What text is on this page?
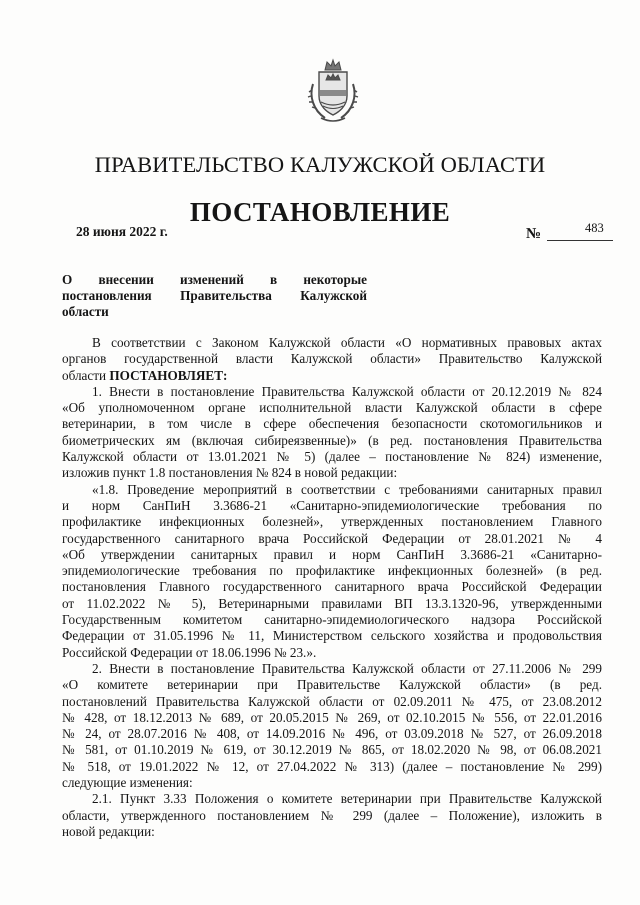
ПРАВИТЕЛЬСТВО КАЛУЖСКОЙ ОБЛАСТИ
ПОСТАНОВЛЕНИЕ
28 июня 2022 г.	№	483
О внесении изменений в некоторые
постановления Правительства Калужской
области
В соответствии с Законом Калужской области «О нормативных правовых актах
органов государственной власти Калужской области» Правительство Калужской
области ПОСТАНОВЛЯЕТ:
1. Внести в постановление Правительства Калужской области от 20.12.2019 № 824
«Об уполномоченном органе исполнительной власти Калужской области в сфере
ветеринарии, в том числе в сфере обеспечения безопасности скотомогильников и
биометрических ям (включая сибиреязвенные)» (в ред. постановления Правительства
Калужской области от 13.01.2021 № 5) (далее – постановление № 824) изменение,
изложив пункт 1.8 постановления № 824 в новой редакции:
«1.8. Проведение мероприятий в соответствии с требованиями санитарных правил
и норм СанПиН 3.3686-21 «Санитарно-эпидемиологические требования по
профилактике инфекционных болезней», утвержденных постановлением Главного
государственного санитарного врача Российской Федерации от 28.01.2021 № 4
«Об утверждении санитарных правил и норм СанПиН 3.3686-21 «Санитарно-
эпидемиологические требования по профилактике инфекционных болезней» (в ред.
постановления Главного государственного санитарного врача Российской Федерации
от 11.02.2022 № 5), Ветеринарными правилами ВП 13.3.1320-96, утвержденными
Государственным комитетом санитарно-эпидемиологического надзора Российской
Федерации от 31.05.1996 № 11, Министерством сельского хозяйства и продовольствия
Российской Федерации от 18.06.1996 № 23.».
2. Внести в постановление Правительства Калужской области от 27.11.2006 № 299
«О комитете ветеринарии при Правительстве Калужской области» (в ред.
постановлений Правительства Калужской области от 02.09.2011 № 475, от 23.08.2012
№ 428, от 18.12.2013 № 689, от 20.05.2015 № 269, от 02.10.2015 № 556, от 22.01.2016
№ 24, от 28.07.2016 № 408, от 14.09.2016 № 496, от 03.09.2018 № 527, от 26.09.2018
№ 581, от 01.10.2019 № 619, от 30.12.2019 № 865, от 18.02.2020 № 98, от 06.08.2021
№ 518, от 19.01.2022 № 12, от 27.04.2022 № 313) (далее – постановление № 299)
следующие изменения:
2.1. Пункт 3.33 Положения о комитете ветеринарии при Правительстве Калужской
области, утвержденного постановлением № 299 (далее – Положение), изложить в
новой редакции:
